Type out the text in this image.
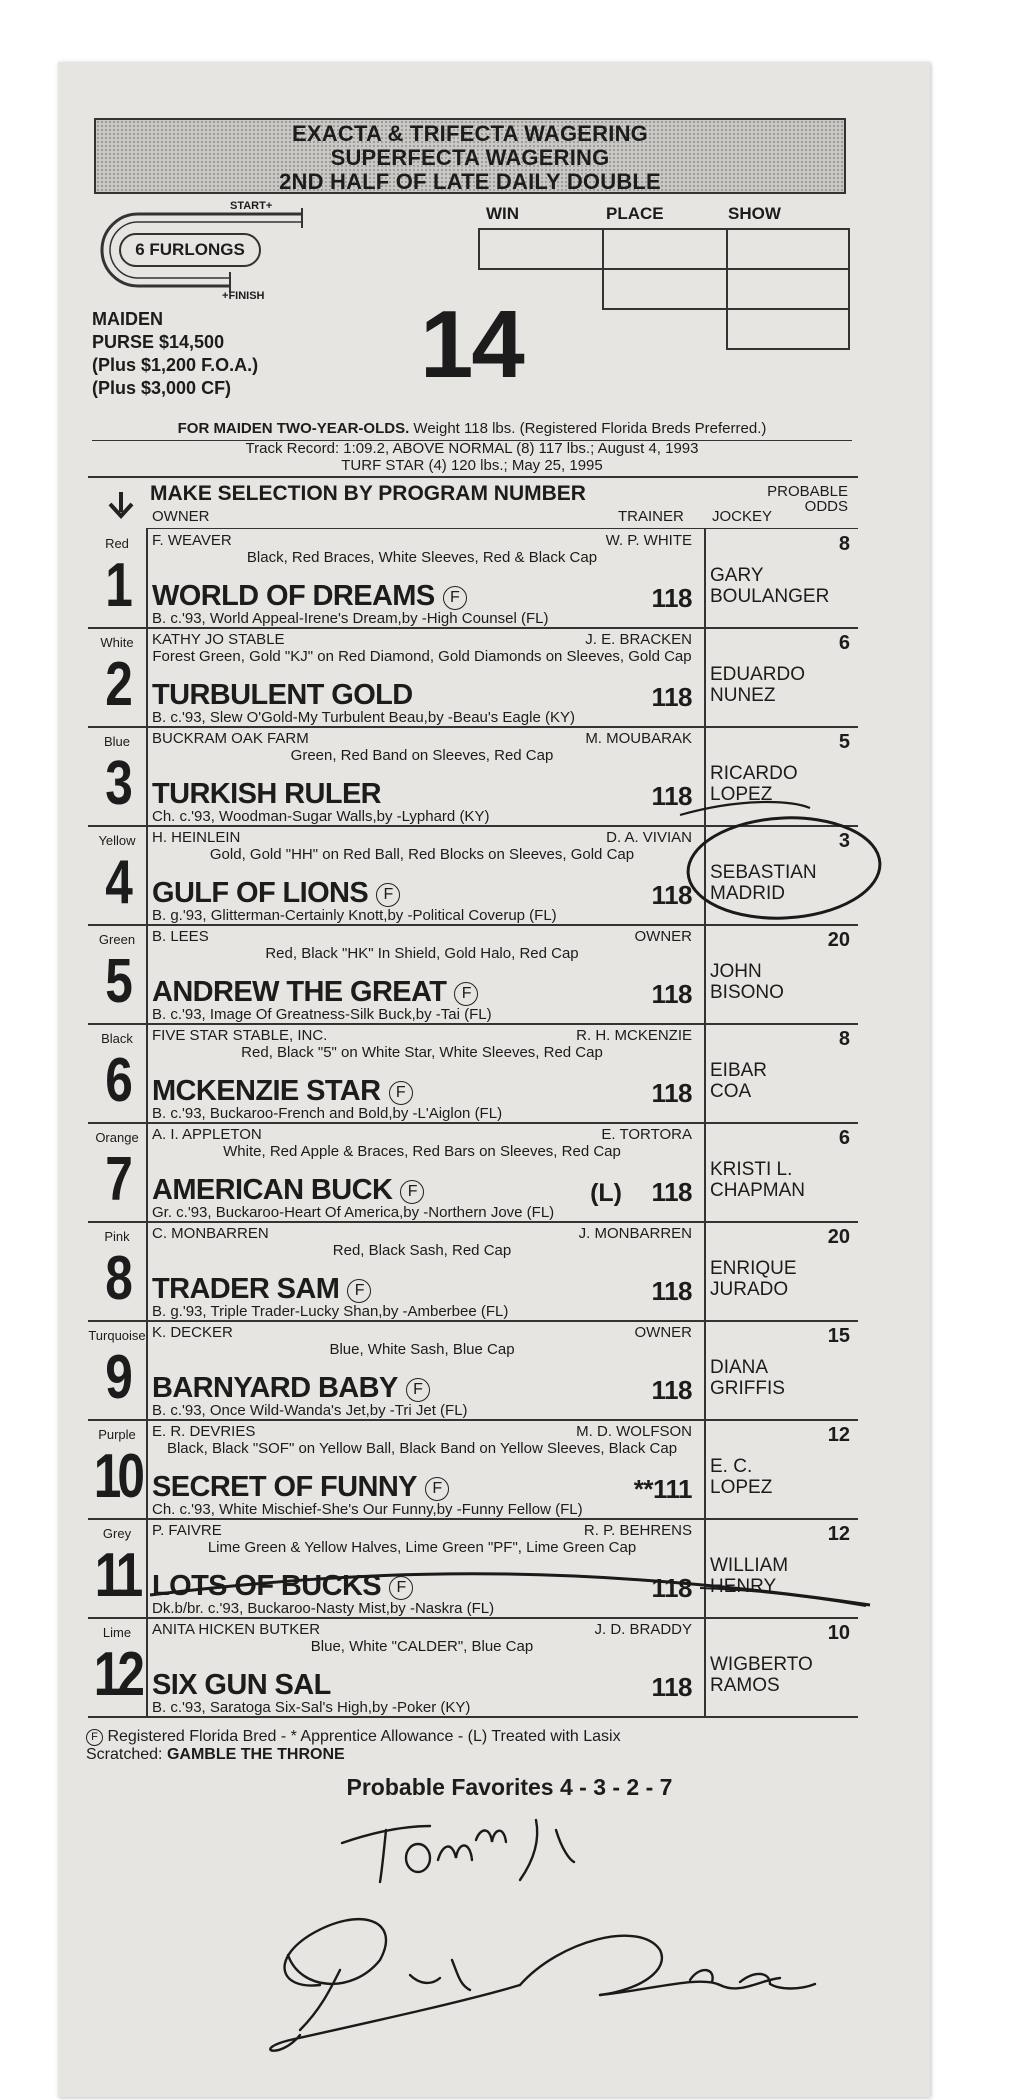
EXACTA & TRIFECTA WAGERING
SUPERFECTA WAGERING
2ND HALF OF LATE DAILY DOUBLE
START+
6 FURLONGS
+FINISH
WIN	PLACE	SHOW
MAIDEN
PURSE $14,500
(Plus $1,200 F.O.A.)
(Plus $3,000 CF) 14
FOR MAIDEN TWO-YEAR-OLDS. Weight 118 lbs. (Registered Florida Breds Preferred.)
Track Record: 1:09.2, ABOVE NORMAL (8) 117 lbs.; August 4, 1993
TURF STAR (4) 120 lbs.; May 25, 1995
MAKE SELECTION BY PROGRAM NUMBER
OWNER	TRAINER JOCKEY
PROBABLE
ODDS
Red
1
F. WEAVER	W. P. WHITE
Black, Red Braces, White Sleeves, Red & Black Cap
WORLD OF DREAMS F	118
B. c.'93, World Appeal-Irene's Dream,by -High Counsel (FL)
GARY
BOULANGER
8
White
2
KATHY JO STABLE	J. E. BRACKEN
Forest Green, Gold "KJ" on Red Diamond, Gold Diamonds on Sleeves, Gold Cap
TURBULENT GOLD	118
B. c.'93, Slew O'Gold-My Turbulent Beau,by -Beau's Eagle (KY)
EDUARDO
NUNEZ
6
Blue
3
BUCKRAM OAK FARM	M. MOUBARAK
Green, Red Band on Sleeves, Red Cap
TURKISH RULER	118
Ch. c.'93, Woodman-Sugar Walls,by -Lyphard (KY)
RICARDO
LOPEZ
5
Yellow
4
H. HEINLEIN	D. A. VIVIAN
Gold, Gold "HH" on Red Ball, Red Blocks on Sleeves, Gold Cap
GULF OF LIONS F	118
B. g.'93, Glitterman-Certainly Knott,by -Political Coverup (FL)
SEBASTIAN
MADRID
3
Green
5
B. LEES	OWNER
Red, Black "HK" In Shield, Gold Halo, Red Cap
ANDREW THE GREAT F	118
B. c.'93, Image Of Greatness-Silk Buck,by -Tai (FL)
JOHN
BISONO
20
Black
6
FIVE STAR STABLE, INC.	R. H. MCKENZIE
Red, Black "5" on White Star, White Sleeves, Red Cap
MCKENZIE STAR F	118
B. c.'93, Buckaroo-French and Bold,by -L'Aiglon (FL)
EIBAR
COA
8
Orange
7
A. I. APPLETON	E. TORTORA
White, Red Apple & Braces, Red Bars on Sleeves, Red Cap
AMERICAN BUCK F	(L) 118
Gr. c.'93, Buckaroo-Heart Of America,by -Northern Jove (FL)
KRISTI L.
CHAPMAN
6
Pink
8
C. MONBARREN	J. MONBARREN
Red, Black Sash, Red Cap
TRADER SAM F	118
B. g.'93, Triple Trader-Lucky Shan,by -Amberbee (FL)
ENRIQUE
JURADO
20
Turquoise
9
K. DECKER	OWNER
Blue, White Sash, Blue Cap
BARNYARD BABY F	118
B. c.'93, Once Wild-Wanda's Jet,by -Tri Jet (FL)
DIANA
GRIFFIS
15
Purple
10
E. R. DEVRIES	M. D. WOLFSON
Black, Black "SOF" on Yellow Ball, Black Band on Yellow Sleeves, Black Cap
SECRET OF FUNNY F	**111
Ch. c.'93, White Mischief-She's Our Funny,by -Funny Fellow (FL)
E. C.
LOPEZ
12
Grey
11
P. FAIVRE	R. P. BEHRENS
Lime Green & Yellow Halves, Lime Green "PF", Lime Green Cap
LOTS OF BUCKS F	118
Dk.b/br. c.'93, Buckaroo-Nasty Mist,by -Naskra (FL)
WILLIAM
HENRY
12
Lime
12
ANITA HICKEN BUTKER	J. D. BRADDY
Blue, White "CALDER", Blue Cap
SIX GUN SAL	118
B. c.'93, Saratoga Six-Sal's High,by -Poker (KY)
WIGBERTO
RAMOS
10
F Registered Florida Bred - * Apprentice Allowance - (L) Treated with Lasix
Scratched: GAMBLE THE THRONE
Probable Favorites 4 - 3 - 2 - 7
